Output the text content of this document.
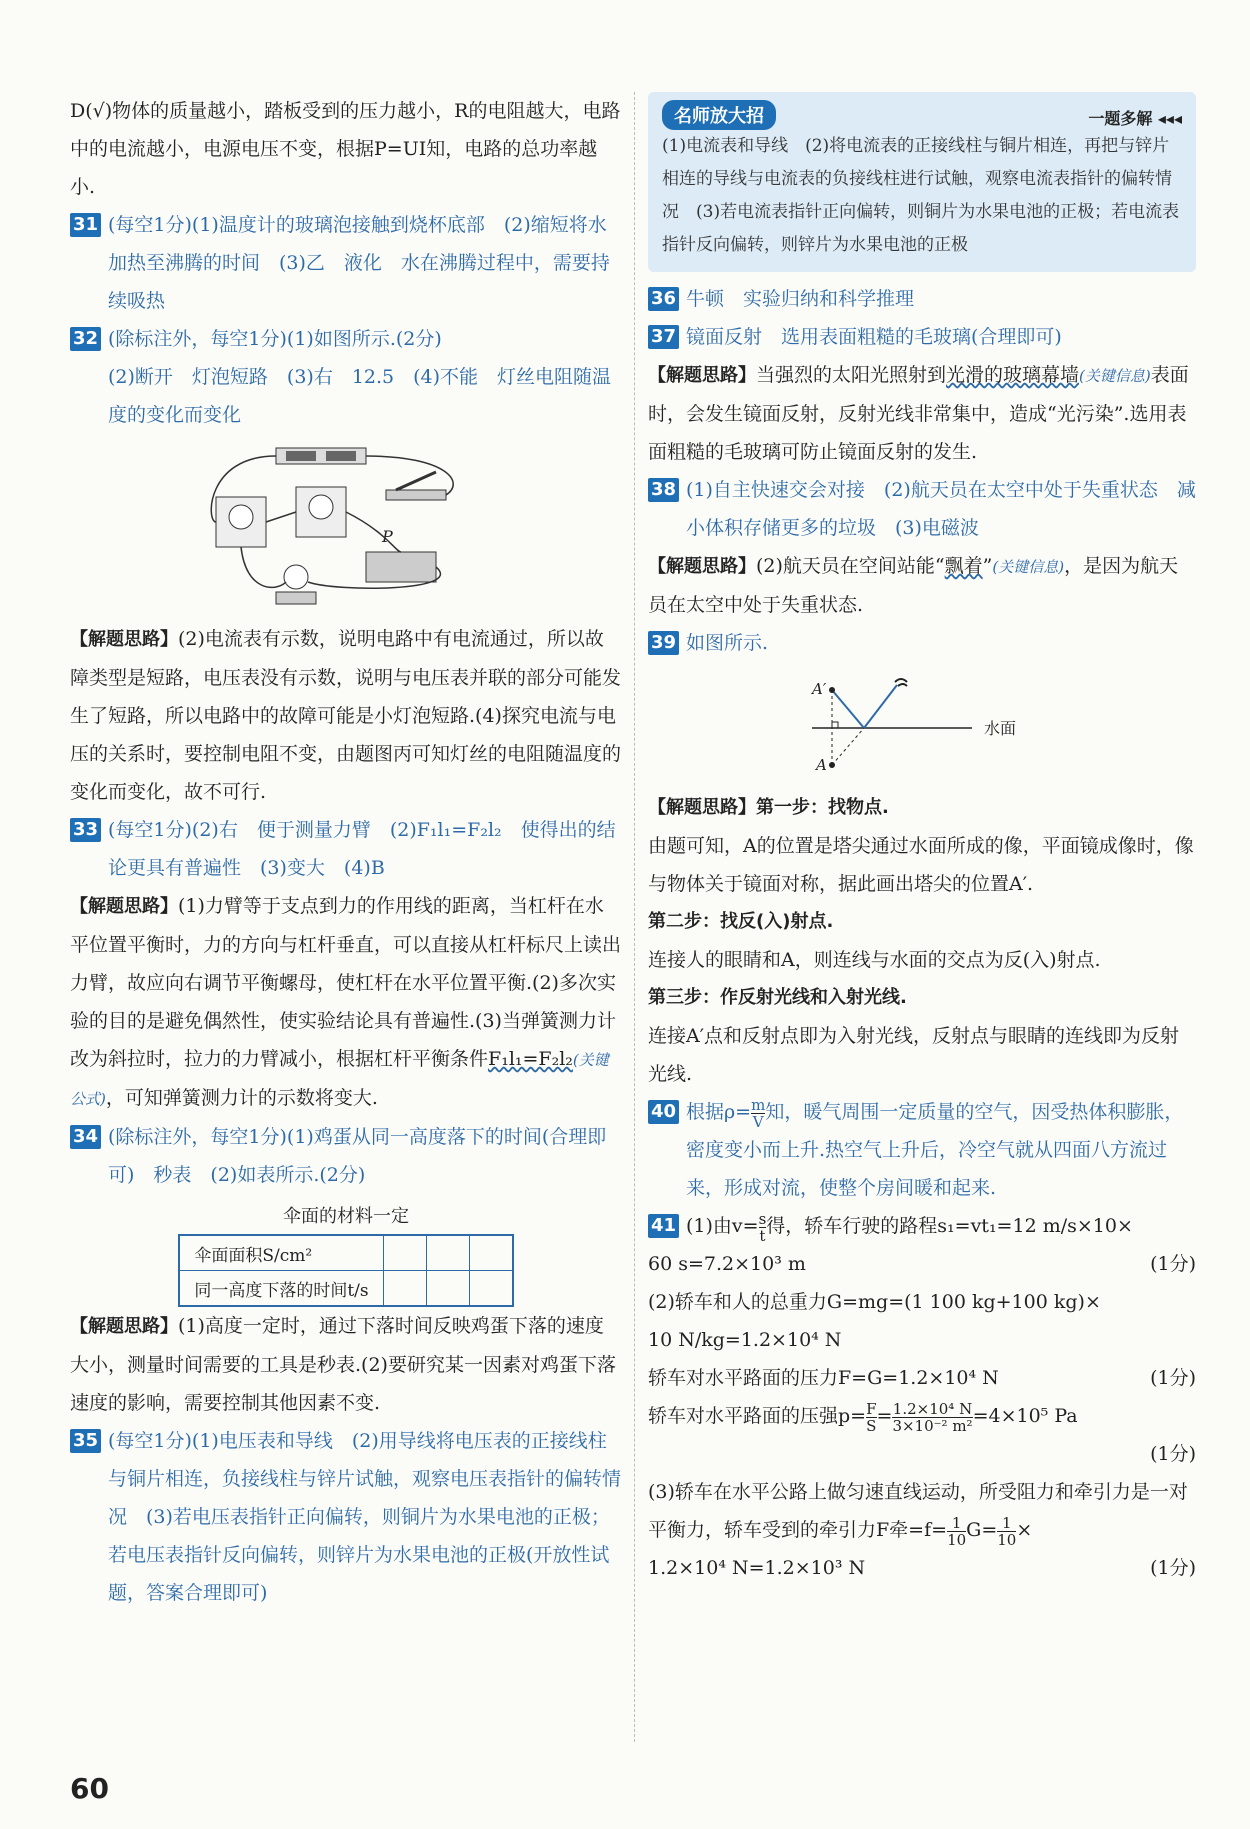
D(√)物体的质量越小，踏板受到的压力越小，R的电阻越大，电路中的电流越小，电源电压不变，根据P=UI知，电路的总功率越小.

31 (每空1分)(1)温度计的玻璃泡接触到烧杯底部　(2)缩短将水加热至沸腾的时间　(3)乙　液化　水在沸腾过程中，需要持续吸热

32 (除标注外，每空1分)(1)如图所示.(2分)

(2)断开　灯泡短路　(3)右　12.5　(4)不能　灯丝电阻随温度的变化而变化

P

【解题思路】(2)电流表有示数，说明电路中有电流通过，所以故障类型是短路，电压表没有示数，说明与电压表并联的部分可能发生了短路，所以电路中的故障可能是小灯泡短路.(4)探究电流与电压的关系时，要控制电阻不变，由题图丙可知灯丝的电阻随温度的变化而变化，故不可行.

33 (每空1分)(2)右　便于测量力臂　(2)F₁l₁=F₂l₂　使得出的结论更具有普遍性　(3)变大　(4)B

【解题思路】(1)力臂等于支点到力的作用线的距离，当杠杆在水平位置平衡时，力的方向与杠杆垂直，可以直接从杠杆标尺上读出力臂，故应向右调节平衡螺母，使杠杆在水平位置平衡.(2)多次实验的目的是避免偶然性，使实验结论具有普遍性.(3)当弹簧测力计改为斜拉时，拉力的力臂减小，根据杠杆平衡条件F₁l₁=F₂l₂(关键公式)，可知弹簧测力计的示数将变大.

34 (除标注外，每空1分)(1)鸡蛋从同一高度落下的时间(合理即可)　秒表　(2)如表所示.(2分)

伞面的材料一定
伞面面积S/cm²			
同一高度下落的时间t/s			

【解题思路】(1)高度一定时，通过下落时间反映鸡蛋下落的速度大小，测量时间需要的工具是秒表.(2)要研究某一因素对鸡蛋下落速度的影响，需要控制其他因素不变.

35 (每空1分)(1)电压表和导线　(2)用导线将电压表的正接线柱与铜片相连，负接线柱与锌片试触，观察电压表指针的偏转情况　(3)若电压表指针正向偏转，则铜片为水果电池的正极；若电压表指针反向偏转，则锌片为水果电池的正极(开放性试题，答案合理即可)

名师放大招	一题多解 ◂◂◂
(1)电流表和导线　(2)将电流表的正接线柱与铜片相连，再把与锌片相连的导线与电流表的负接线柱进行试触，观察电流表指针的偏转情况　(3)若电流表指针正向偏转，则铜片为水果电池的正极；若电流表指针反向偏转，则锌片为水果电池的正极
36 牛顿　实验归纳和科学推理

37 镜面反射　选用表面粗糙的毛玻璃(合理即可)

【解题思路】当强烈的太阳光照射到光滑的玻璃幕墙(关键信息)表面时，会发生镜面反射，反射光线非常集中，造成“光污染”.选用表面粗糙的毛玻璃可防止镜面反射的发生.

38 (1)自主快速交会对接　(2)航天员在太空中处于失重状态　减小体积存储更多的垃圾　(3)电磁波

【解题思路】(2)航天员在空间站能“飘着”(关键信息)，是因为航天员在太空中处于失重状态.

39 如图所示.

A′
A
水面

【解题思路】第一步：找物点.

由题可知，A的位置是塔尖通过水面所成的像，平面镜成像时，像与物体关于镜面对称，据此画出塔尖的位置A′.

第二步：找反(入)射点.

连接人的眼睛和A，则连线与水面的交点为反(入)射点.

第三步：作反射光线和入射光线.

连接A′点和反射点即为入射光线，反射点与眼睛的连线即为反射光线.

40 根据$\rho= \frac{m}{V}$ 知，暖气周围一定质量的空气，因受热体积膨胀，密度变小而上升.热空气上升后，冷空气就从四面八方流过来，形成对流，使整个房间暖和起来.

41 (1)由$v= \frac{s}{t}$ 得，轿车行驶的路程s₁=vt₁=12 m/s×10×

60 s=7.2×10³ m	(1分)

(2)轿车和人的总重力G=mg=(1 100 kg+100 kg)×

10 N/kg=1.2×10⁴ N

轿车对水平路面的压力F=G=1.2×10⁴ N	(1分)

轿车对水平路面的压强$p= \frac{F}{S} = \frac{\text{1.2×10⁴ N}}{\text{3×10⁻² m²}} =4\times 10^5$ Pa

(1分)

(3)轿车在水平公路上做匀速直线运动，所受阻力和牵引力是一对平衡力，轿车受到的牵引力F牵$=f= \frac{1}{10} G= \frac{1}{10}$ ×

1.2×10⁴ N=1.2×10³ N	(1分)

60
